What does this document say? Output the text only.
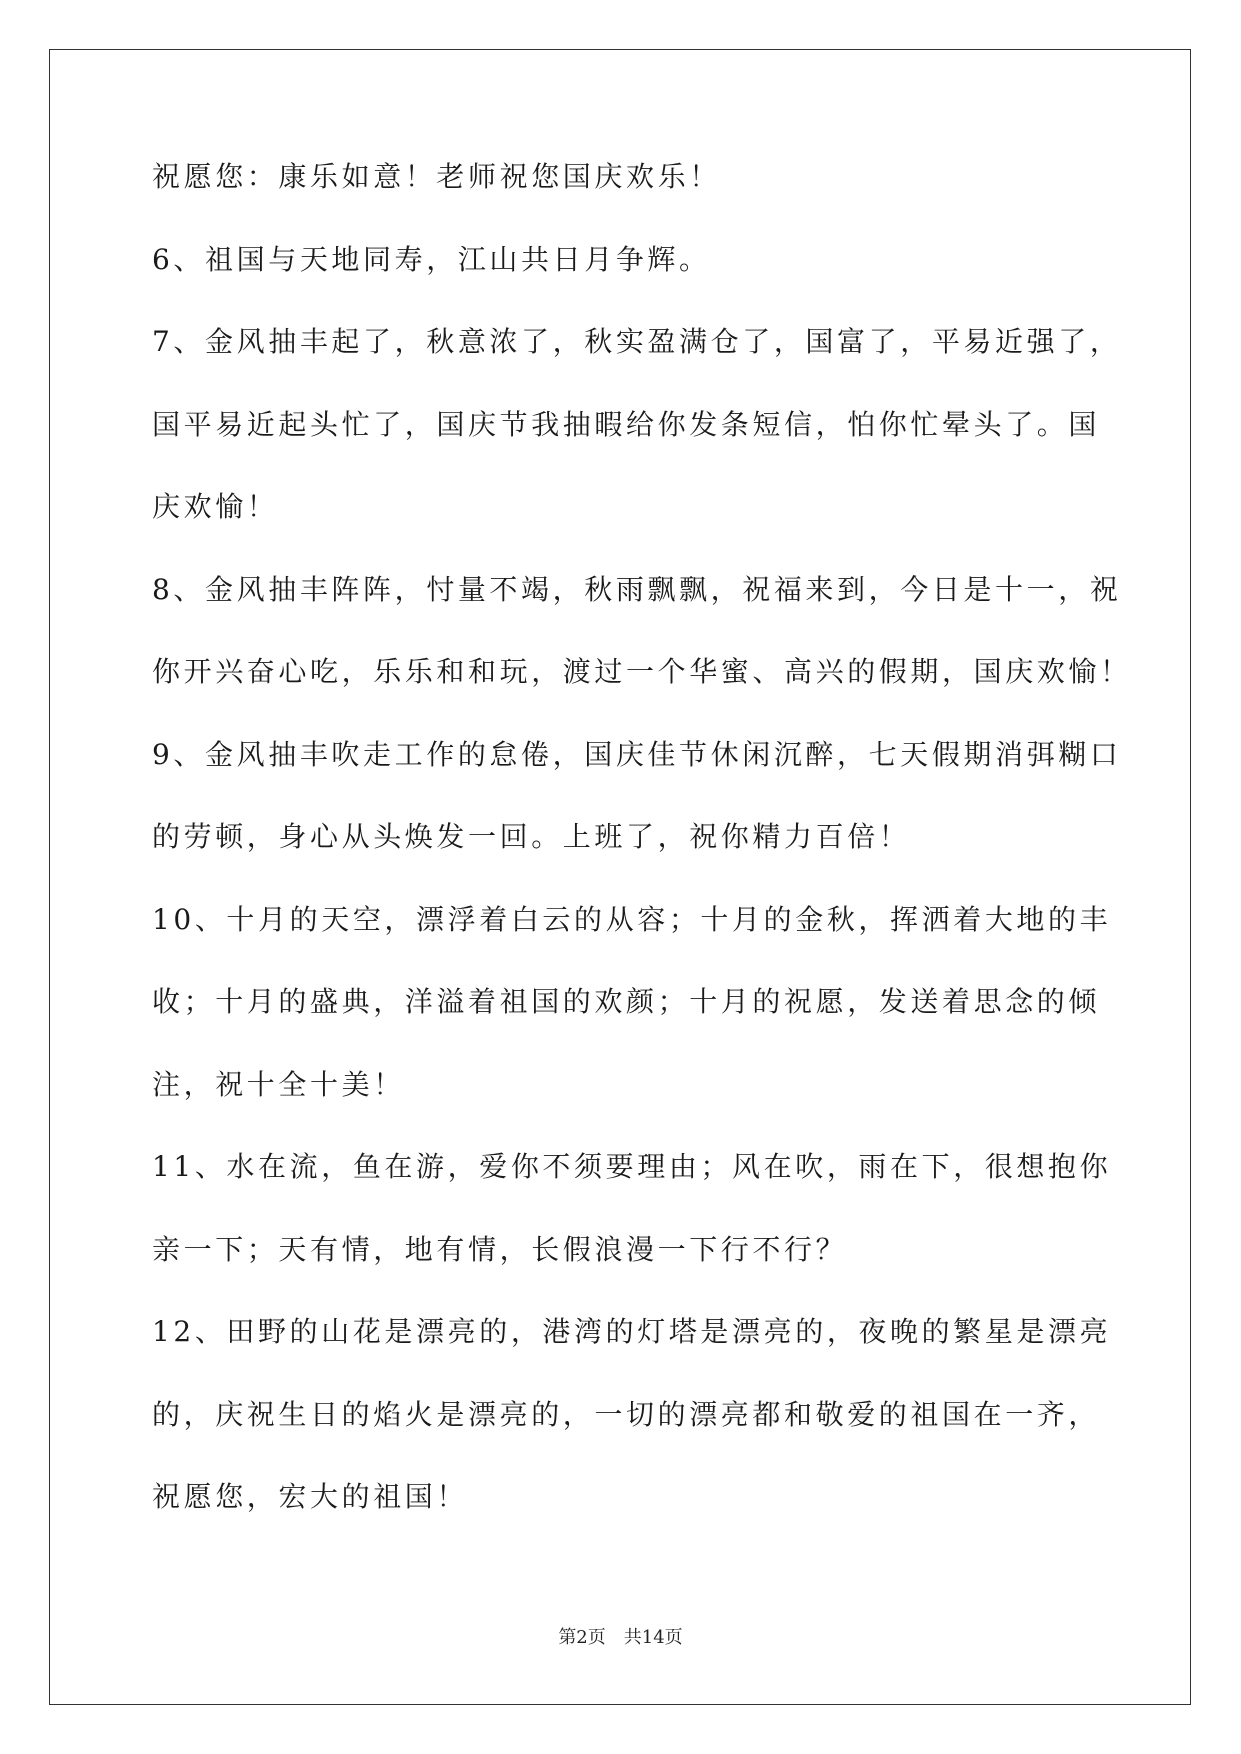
祝愿您：康乐如意！老师祝您国庆欢乐！
6、祖国与天地同寿，江山共日月争辉。
7、金风抽丰起了，秋意浓了，秋实盈满仓了，国富了，平易近强了，
国平易近起头忙了，国庆节我抽暇给你发条短信，怕你忙晕头了。国
庆欢愉！
8、金风抽丰阵阵，忖量不竭，秋雨飘飘，祝福来到，今日是十一，祝
你开兴奋心吃，乐乐和和玩，渡过一个华蜜、高兴的假期，国庆欢愉！
9、金风抽丰吹走工作的怠倦，国庆佳节休闲沉醉，七天假期消弭糊口
的劳顿，身心从头焕发一回。上班了，祝你精力百倍！
10、十月的天空，漂浮着白云的从容；十月的金秋，挥洒着大地的丰
收；十月的盛典，洋溢着祖国的欢颜；十月的祝愿，发送着思念的倾
注，祝十全十美！
11、水在流，鱼在游，爱你不须要理由；风在吹，雨在下，很想抱你
亲一下；天有情，地有情，长假浪漫一下行不行？
12、田野的山花是漂亮的，港湾的灯塔是漂亮的，夜晚的繁星是漂亮
的，庆祝生日的焰火是漂亮的，一切的漂亮都和敬爱的祖国在一齐，
祝愿您，宏大的祖国！
第2页　共14页
